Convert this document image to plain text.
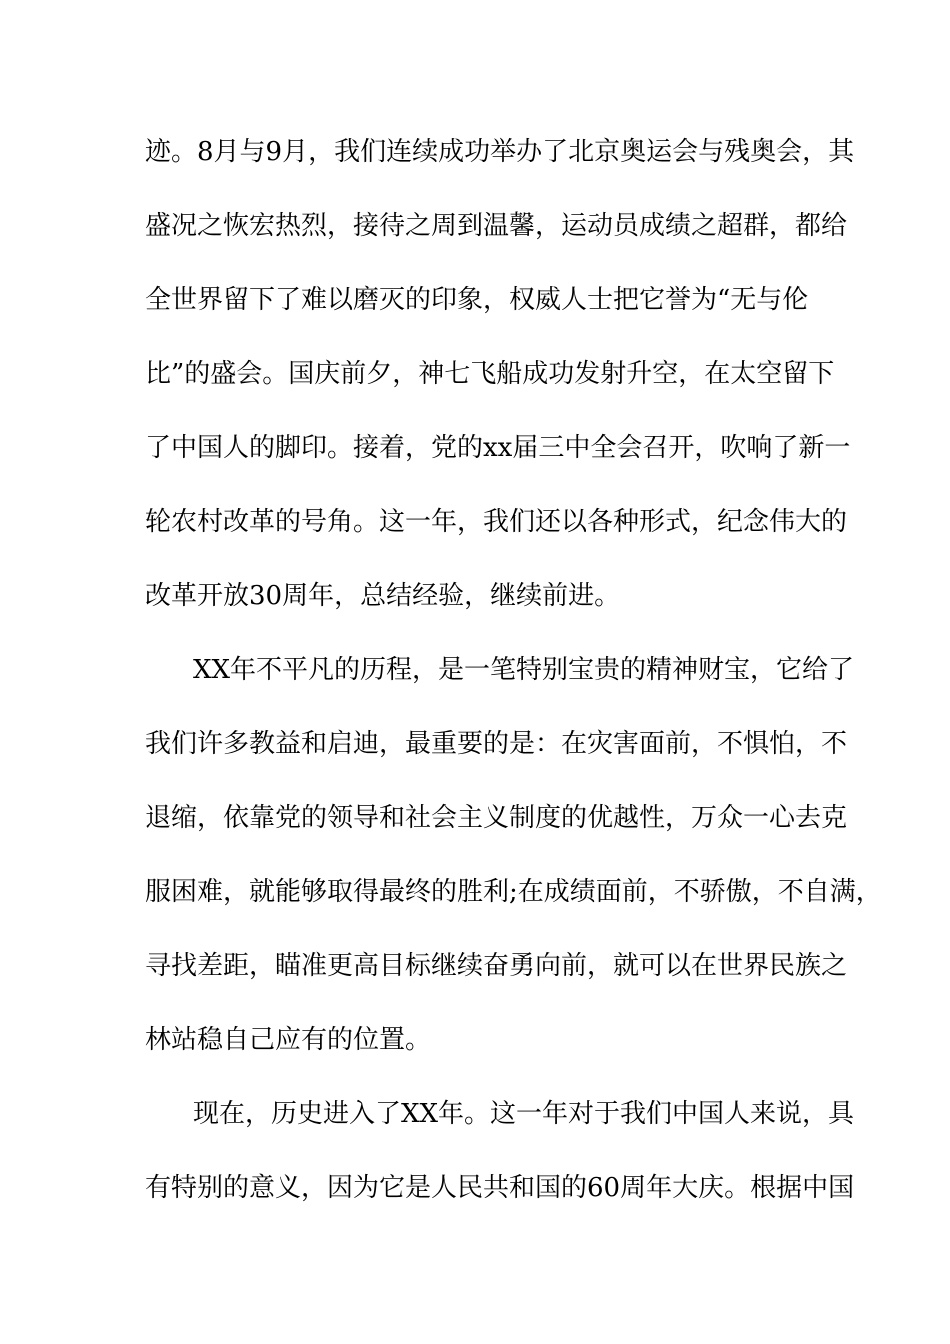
迹。8月与9月，我们连续成功举办了北京奥运会与残奥会，其
盛况之恢宏热烈，接待之周到温馨，运动员成绩之超群，都给
全世界留下了难以磨灭的印象，权威人士把它誉为“无与伦
比”的盛会。国庆前夕，神七飞船成功发射升空，在太空留下
了中国人的脚印。接着，党的xx届三中全会召开，吹响了新一
轮农村改革的号角。这一年，我们还以各种形式，纪念伟大的
改革开放30周年，总结经验，继续前进。
XX年不平凡的历程，是一笔特别宝贵的精神财宝，它给了
我们许多教益和启迪，最重要的是：在灾害面前，不惧怕，不
退缩，依靠党的领导和社会主义制度的优越性，万众一心去克
服困难，就能够取得最终的胜利;在成绩面前，不骄傲，不自满，
寻找差距，瞄准更高目标继续奋勇向前，就可以在世界民族之
林站稳自己应有的位置。
现在，历史进入了XX年。这一年对于我们中国人来说，具
有特别的意义，因为它是人民共和国的60周年大庆。根据中国
